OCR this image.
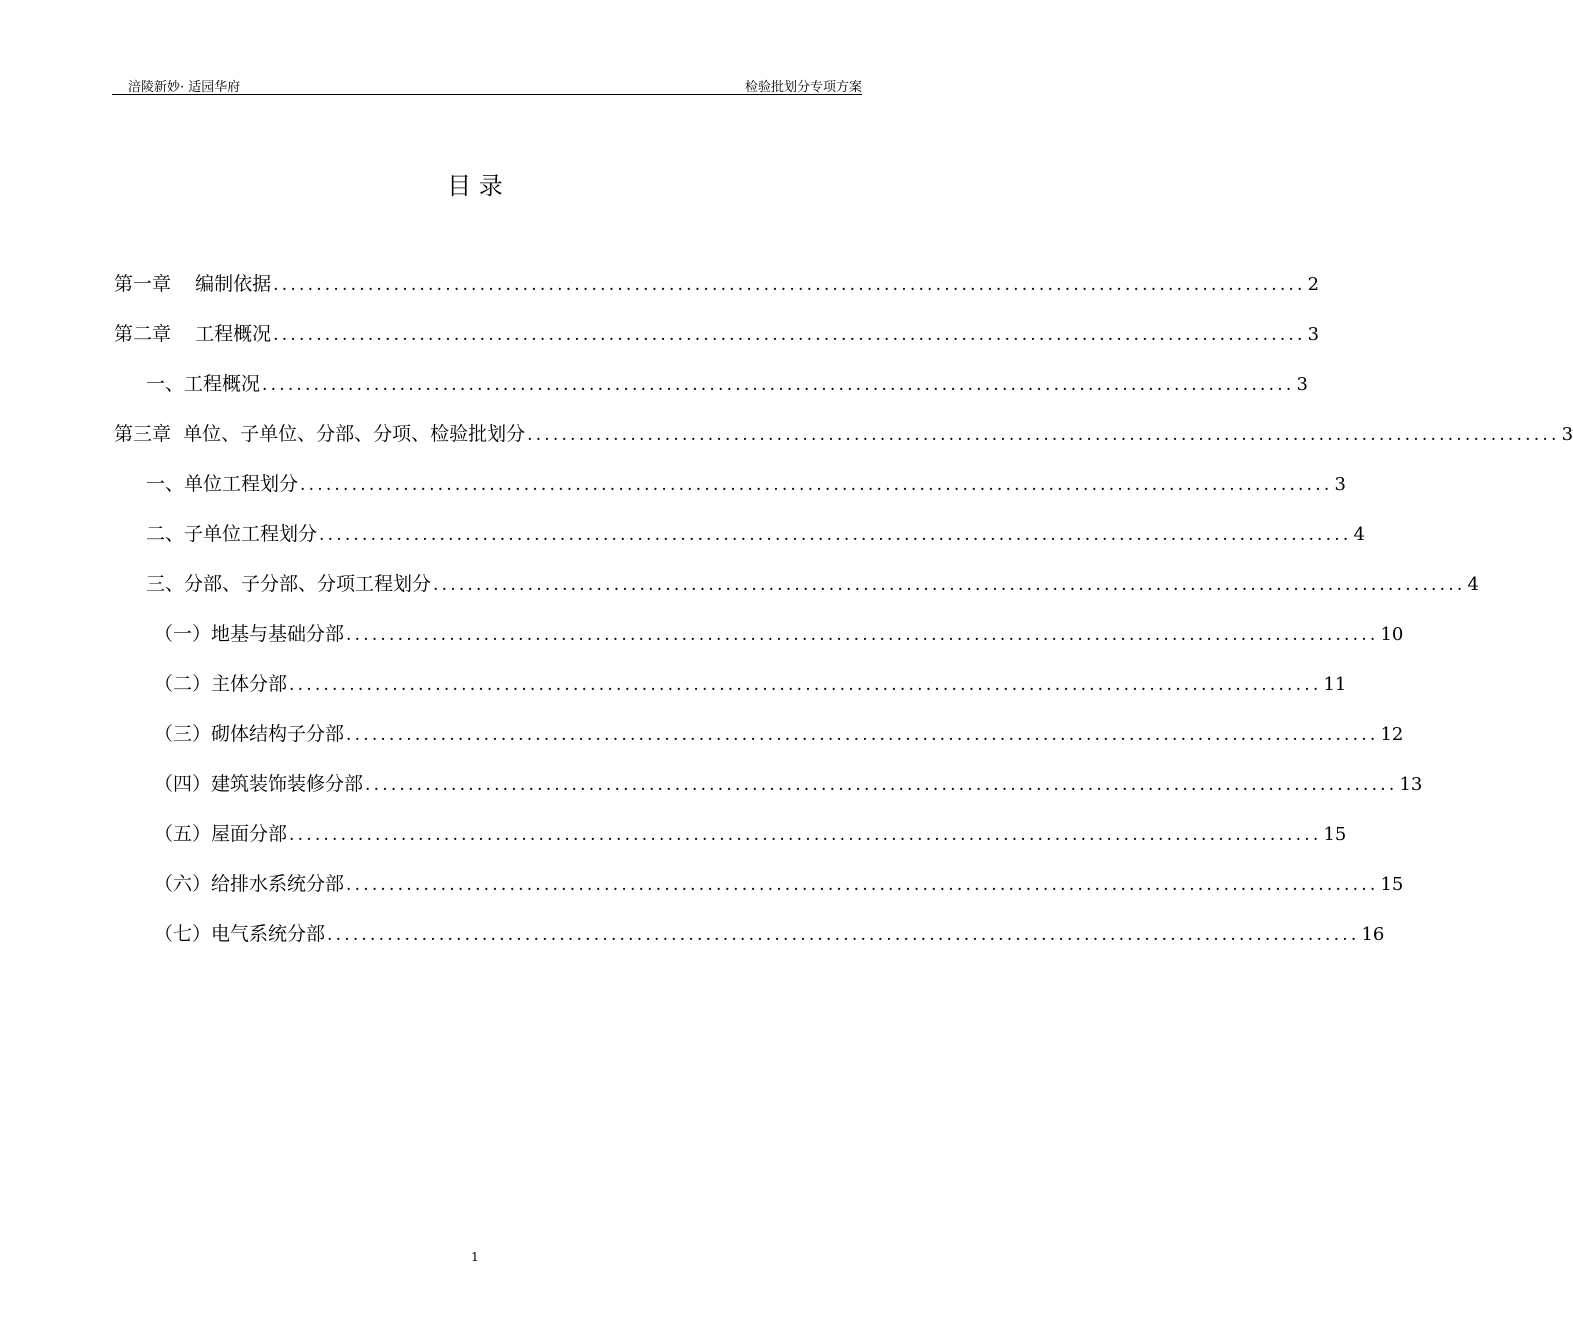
涪陵新妙· 适园华府	检验批划分专项方案
目 录
第一章    编制依据 ........................................................................................................................ 2
第二章    工程概况 ........................................................................................................................ 3
一、工程概况 ........................................................................................................................ 3
第三章  单位、子单位、分部、分项、检验批划分 ........................................................................................................................ 3
一、单位工程划分 ........................................................................................................................ 3
二、子单位工程划分 ........................................................................................................................ 4
三、分部、子分部、分项工程划分 ........................................................................................................................ 4
（一）地基与基础分部 ........................................................................................................................ 10
（二）主体分部 ........................................................................................................................ 11
（三）砌体结构子分部 ........................................................................................................................ 12
（四）建筑装饰装修分部 ........................................................................................................................ 13
（五）屋面分部 ........................................................................................................................ 15
（六）给排水系统分部 ........................................................................................................................ 15
（七）电气系统分部 ........................................................................................................................ 16
1
